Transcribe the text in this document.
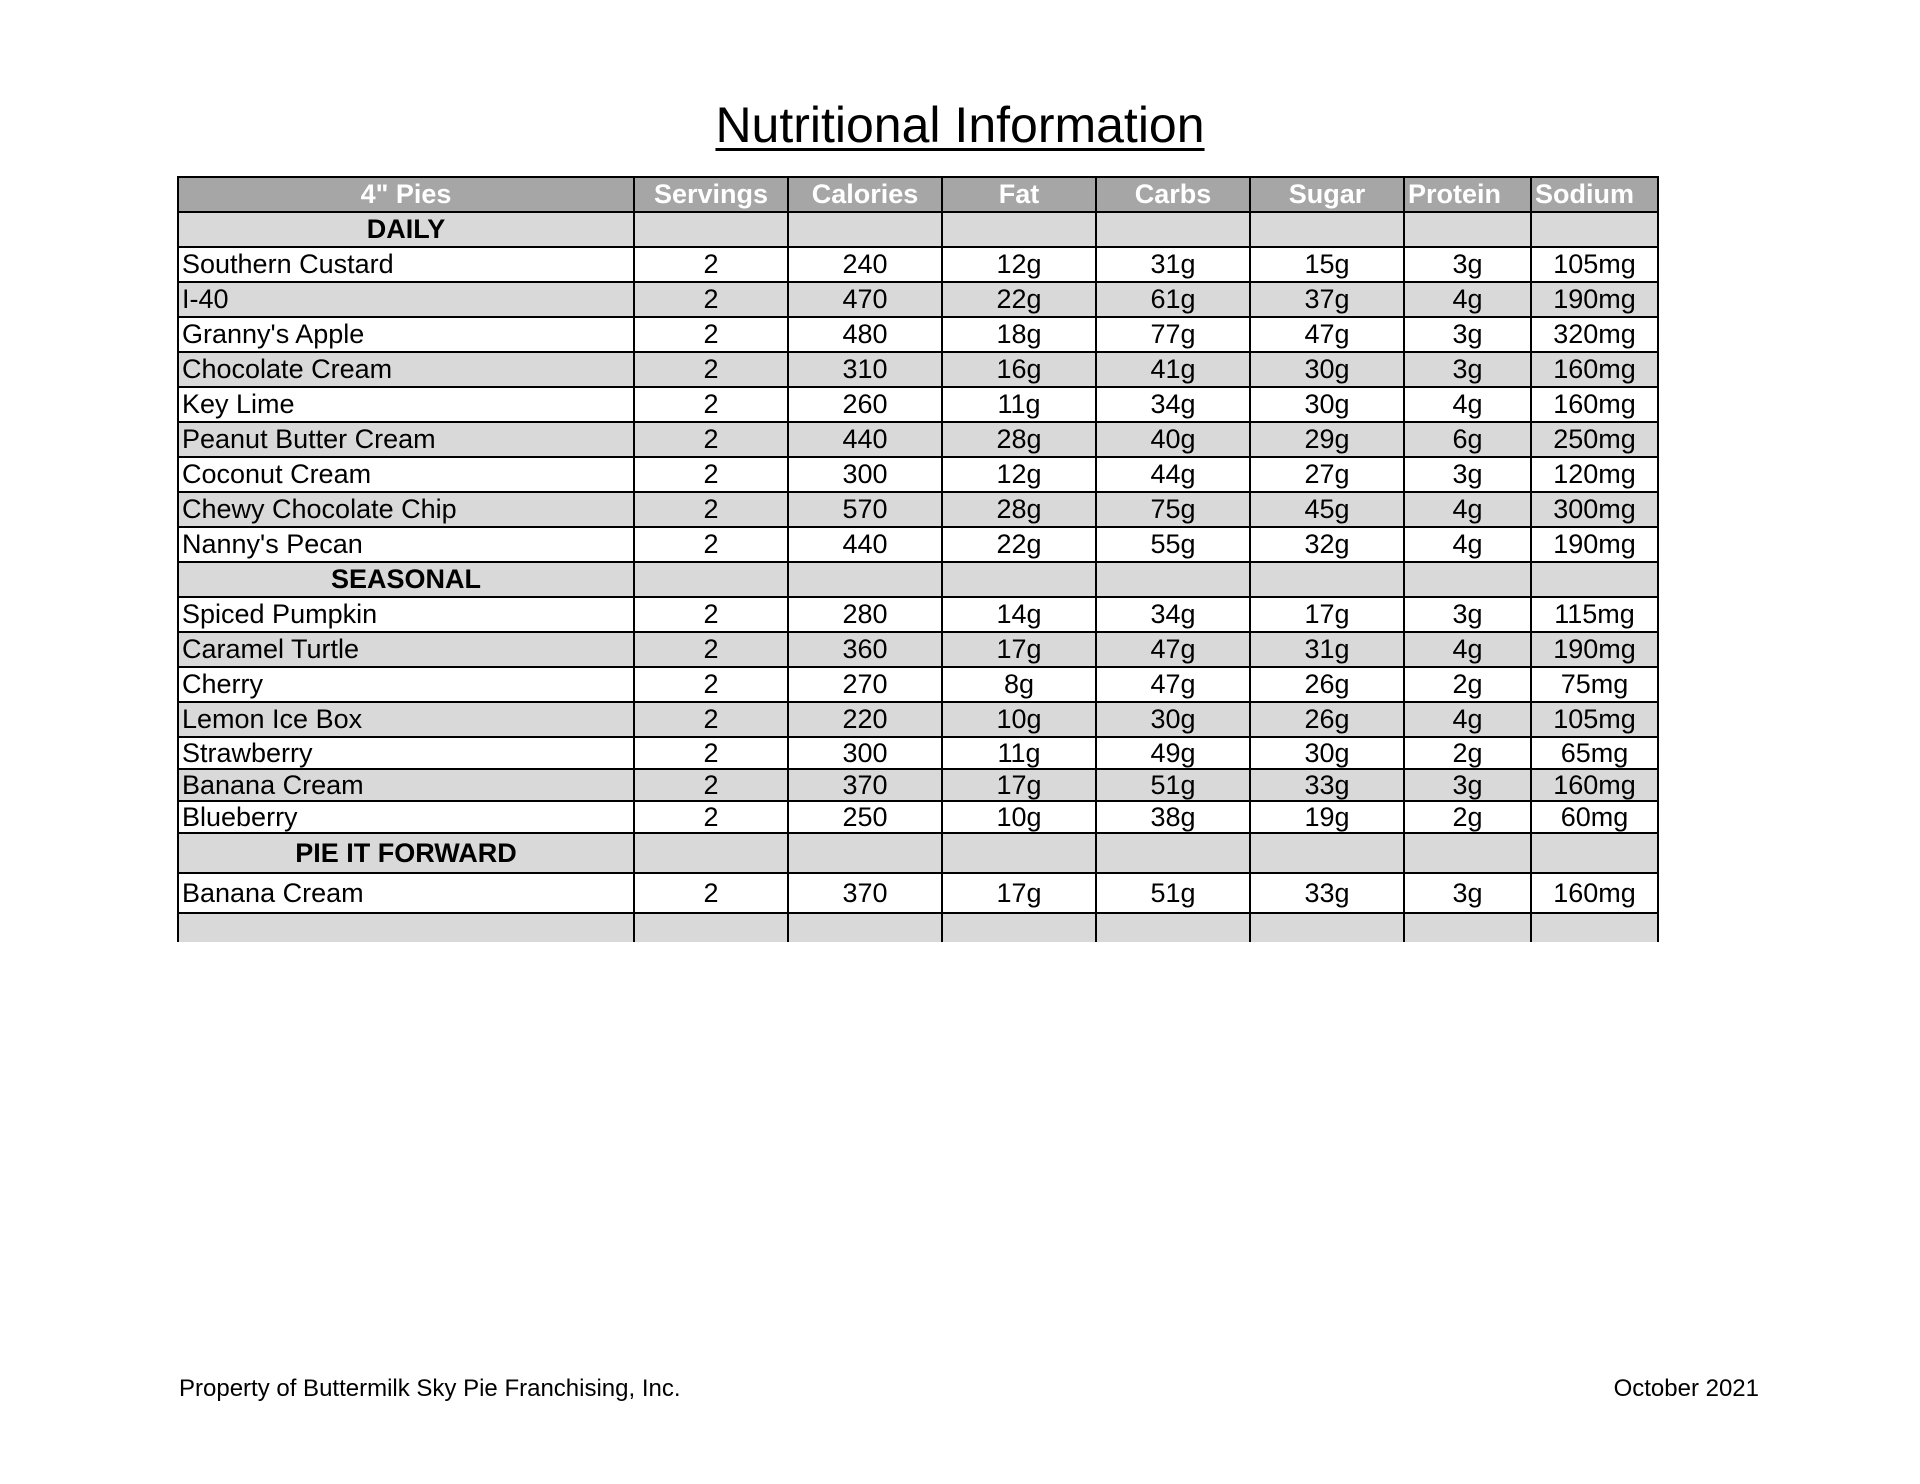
Nutritional Information
4" Pies	Servings	Calories	Fat	Carbs	Sugar	Protein	Sodium
DAILY							
Southern Custard	2	240	12g	31g	15g	3g	105mg
I-40	2	470	22g	61g	37g	4g	190mg
Granny's Apple	2	480	18g	77g	47g	3g	320mg
Chocolate Cream	2	310	16g	41g	30g	3g	160mg
Key Lime	2	260	11g	34g	30g	4g	160mg
Peanut Butter Cream	2	440	28g	40g	29g	6g	250mg
Coconut Cream	2	300	12g	44g	27g	3g	120mg
Chewy Chocolate Chip	2	570	28g	75g	45g	4g	300mg
Nanny's Pecan	2	440	22g	55g	32g	4g	190mg
SEASONAL							
Spiced Pumpkin	2	280	14g	34g	17g	3g	115mg
Caramel Turtle	2	360	17g	47g	31g	4g	190mg
Cherry	2	270	8g	47g	26g	2g	75mg
Lemon Ice Box	2	220	10g	30g	26g	4g	105mg
Strawberry	2	300	11g	49g	30g	2g	65mg
Banana Cream	2	370	17g	51g	33g	3g	160mg
Blueberry	2	250	10g	38g	19g	2g	60mg
PIE IT FORWARD							
Banana Cream	2	370	17g	51g	33g	3g	160mg

Property of Buttermilk Sky Pie Franchising, Inc.	October 2021
